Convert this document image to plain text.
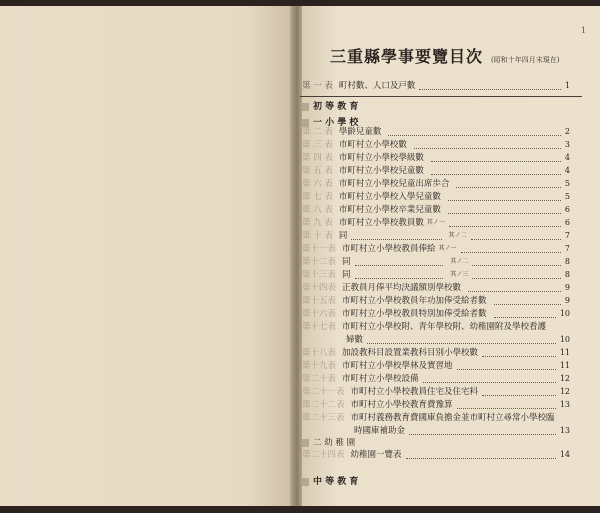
1
三重縣學事要覽目次 (昭和十年四月末現在)
第 一 表 町村數、人口及戸數	1
初 等 教 育
一 小 學 校
第 二 表 學齡兒童數	2
第 三 表 市町村立小學校數	3
第 四 表 市町村立小學校學級數	4
第 五 表 市町村立小學校兒童數	4
第 六 表 市町村立小學校兒童出席歩合	5
第 七 表 市町村立小學校入學兒童數	5
第 八 表 市町村立小學校卒業兒童數	6
第 九 表 市町村立小學校教員數 其ノ一	6
第 十 表 同	其ノ二	7
第十一表 市町村立小學校教員俸給 其ノ一	7
第十二表 同	其ノ二	8
第十三表 同	其ノ三	8
第十四表 正教員月俸平均決議額別學校數	9
第十五表 市町村立小學校教員年功加俸受給者數	9
第十六表 市町村立小學校教員特別加俸受給者數	10
第十七表 市町村立小學校附、青年學校附、幼稚園附及學校看護
婦數	10
第十八表 加設教科目設置業教科目別小學校數	11
第十九表 市町村立小學校學林及實習地	11
第二十表 市町村立小學校設備	12
第二十一表 市町村立小學校教員住宅及住宅料	12
第二十二表 市町村立小學校教育費豫算	13
第二十三表 市町村義務教育費國庫負擔金並市町村立尋常小學校臨
時國庫補助金	13
二 幼 稚 園
第二十四表 幼稚園一覽表	14
中 等 教 育
